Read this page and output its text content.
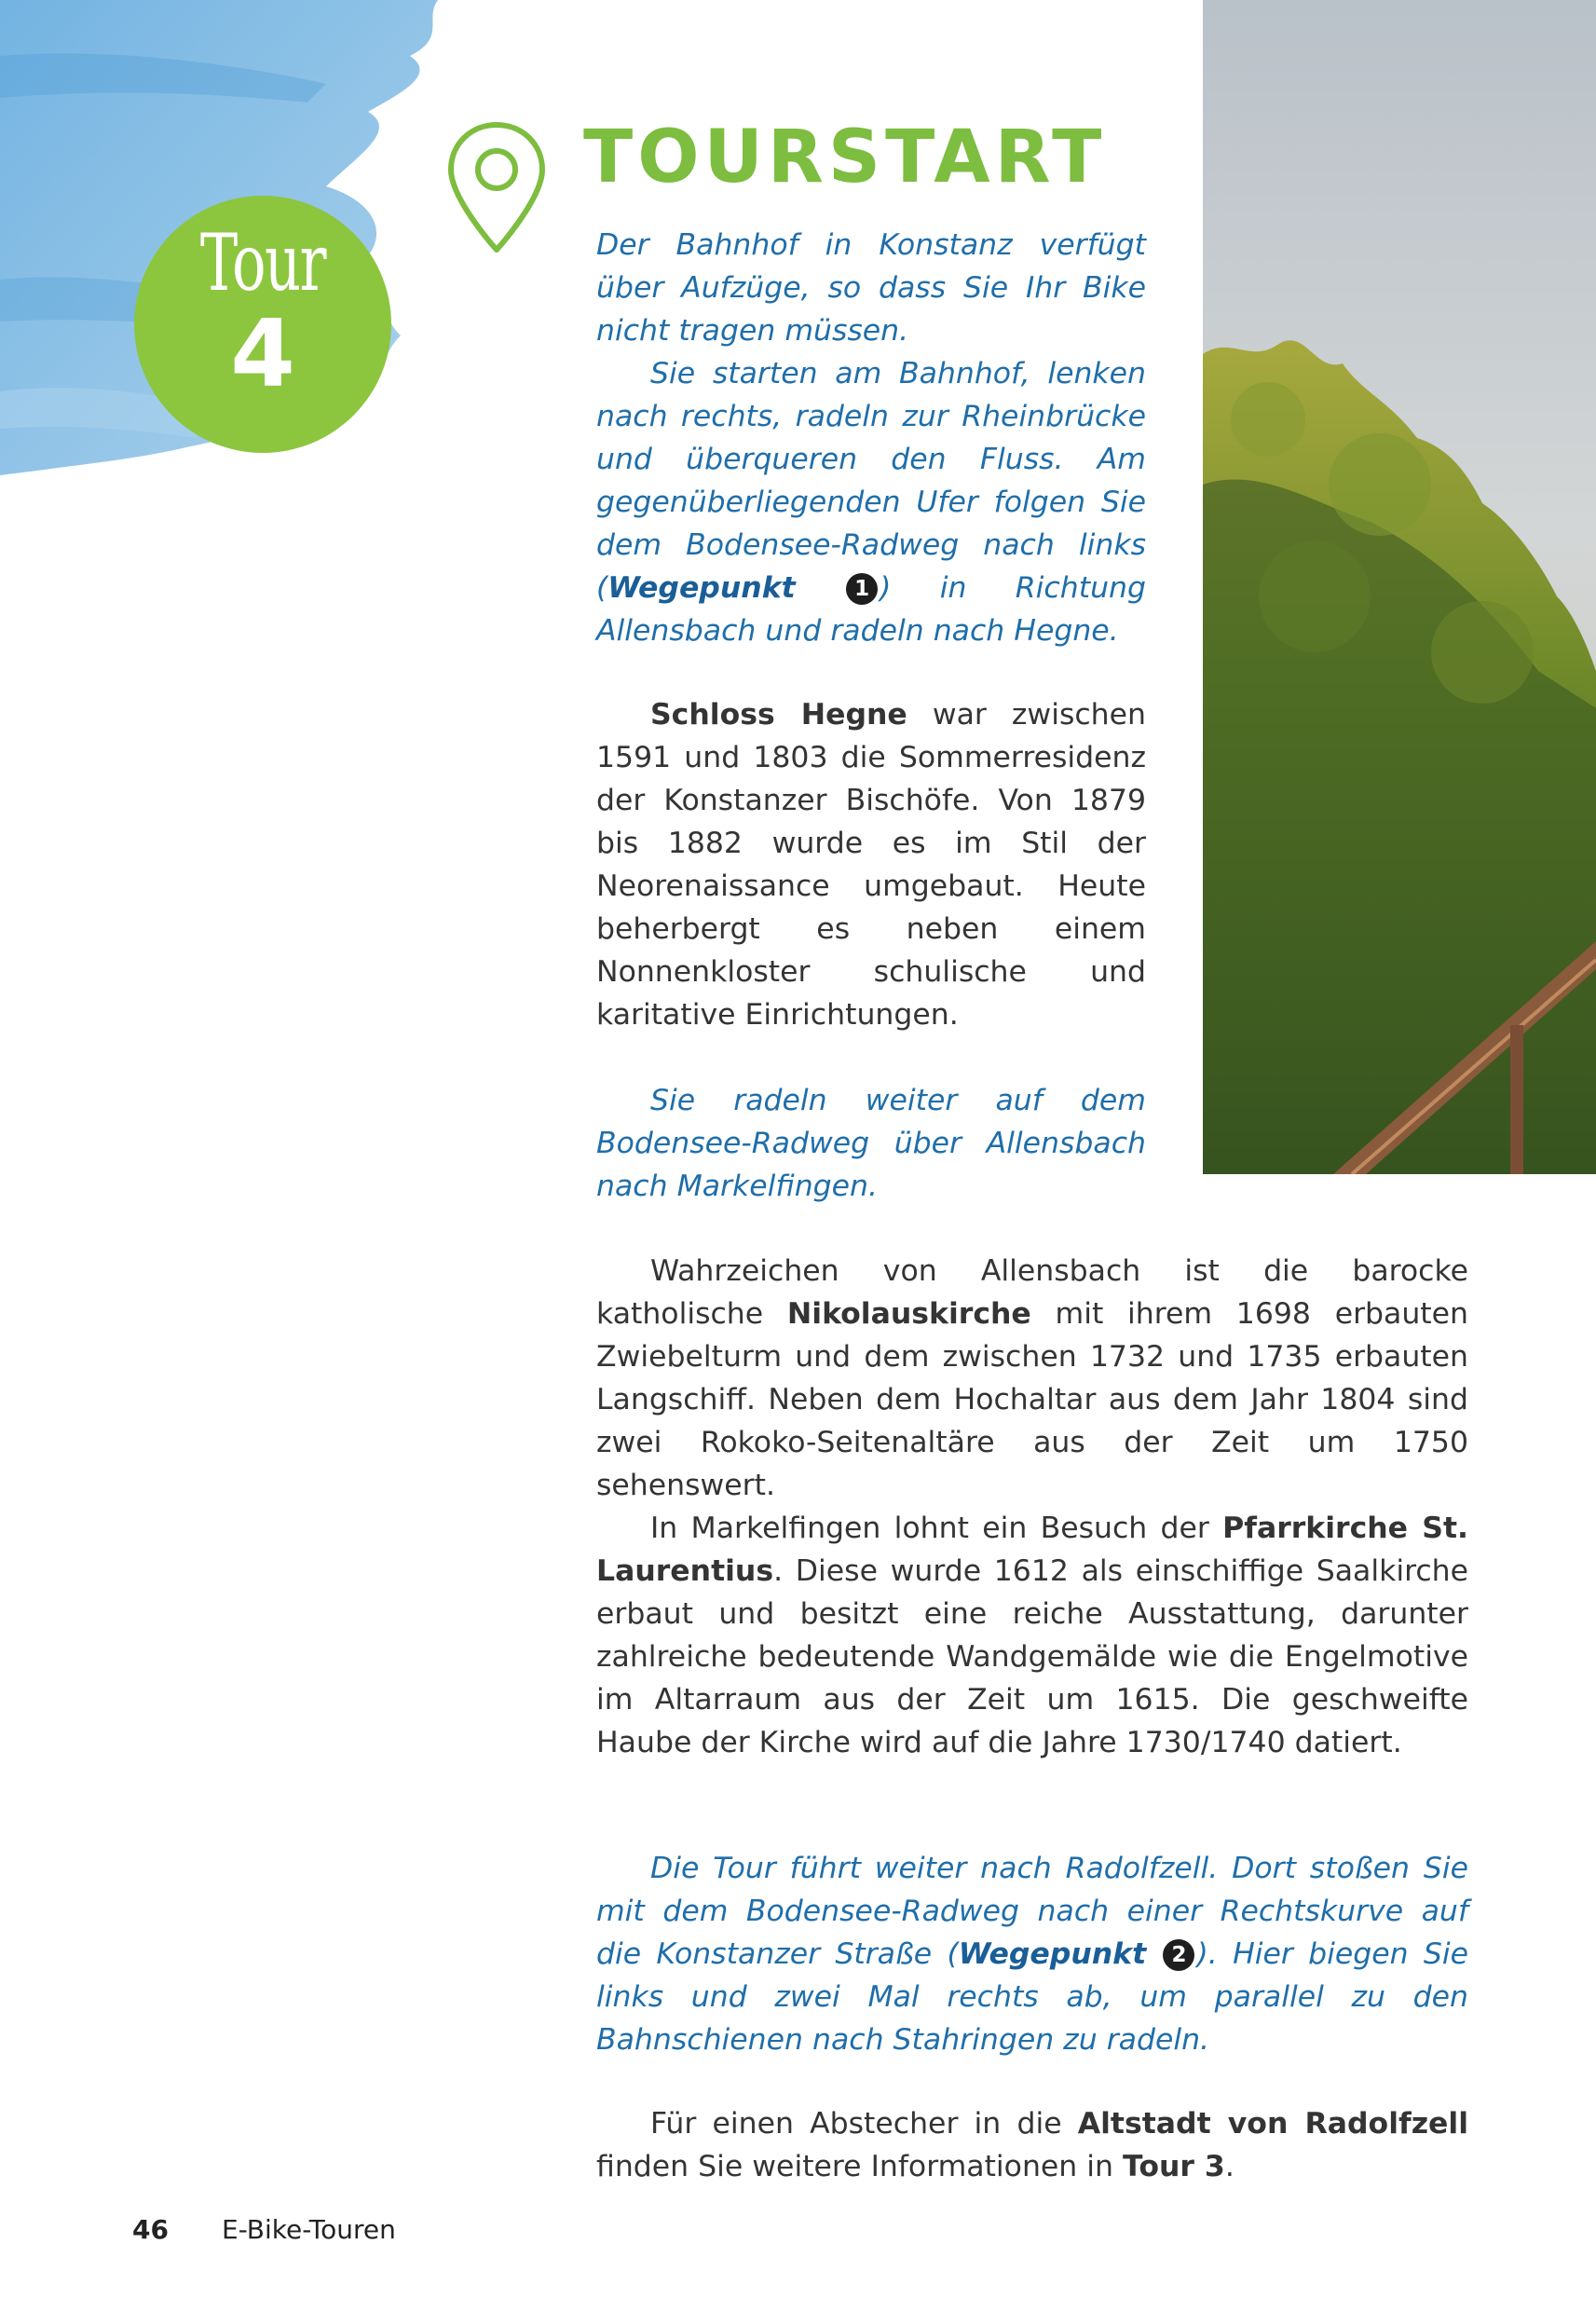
Tour
4
TOURSTART

Der Bahnhof in Konstanz verfügt über Aufzüge, so dass Sie Ihr Bike nicht tragen müssen.

Sie starten am Bahnhof, lenken nach rechts, radeln zur Rheinbrücke und überqueren den Fluss. Am gegenüberliegenden Ufer folgen Sie dem Bodensee-Radweg nach links (Wegepunkt	1 ) in Richtung Allensbach und radeln nach Hegne.

Schloss Hegne war zwischen 1591 und 1803 die Sommerresidenz der Konstanzer Bischöfe. Von 1879 bis 1882 wurde es im Stil der Neorenaissance umgebaut. Heute beherbergt es neben einem Nonnenkloster schulische und karitative Einrichtungen.

Sie radeln weiter auf dem Bodensee-Radweg über Allensbach nach Markelfingen.

Wahrzeichen von Allensbach ist die barocke katholische Nikolauskirche mit ihrem 1698 erbauten Zwiebelturm und dem zwischen 1732 und 1735 erbauten Langschiff. Neben dem Hochaltar aus dem Jahr 1804 sind zwei Rokoko-Seitenaltäre aus der Zeit um 1750 sehenswert.

In Markelfingen lohnt ein Besuch der Pfarrkirche St. Laurentius. Diese wurde 1612 als einschiffige Saalkirche erbaut und besitzt eine reiche Ausstattung, darunter zahlreiche bedeutende Wandgemälde wie die Engelmotive im Altarraum aus der Zeit um 1615. Die geschweifte Haube der Kirche wird auf die Jahre 1730/1740 datiert.

Die Tour führt weiter nach Radolfzell. Dort stoßen Sie mit dem Bodensee-Radweg nach einer Rechtskurve auf die Konstanzer Straße (Wegepunkt 2 ). Hier biegen Sie links und zwei Mal rechts ab, um parallel zu den Bahnschienen nach Stahringen zu radeln.

Für einen Abstecher in die Altstadt von Radolfzell finden Sie weitere Informationen in Tour 3.

46 E-Bike-Touren
